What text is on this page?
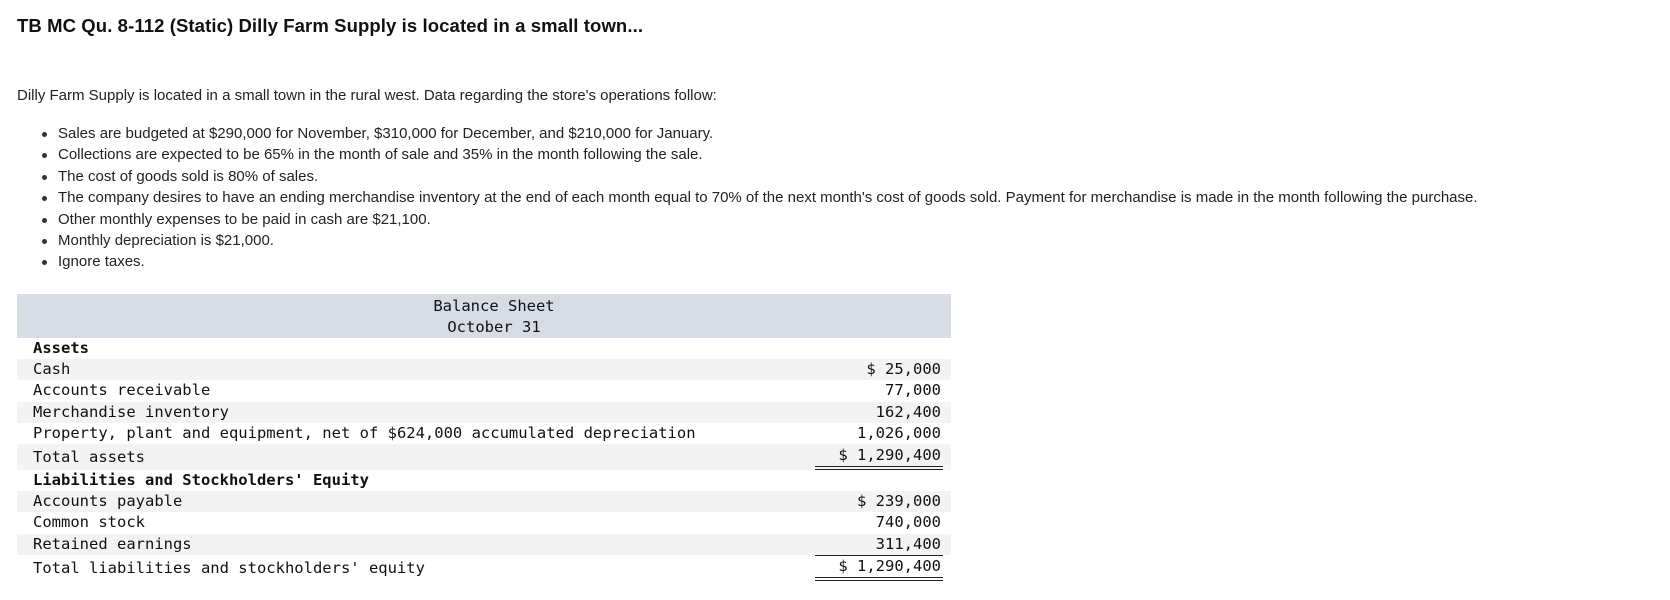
TB MC Qu. 8-112 (Static) Dilly Farm Supply is located in a small town...
Dilly Farm Supply is located in a small town in the rural west. Data regarding the store's operations follow:
Sales are budgeted at $290,000 for November, $310,000 for December, and $210,000 for January.
Collections are expected to be 65% in the month of sale and 35% in the month following the sale.
The cost of goods sold is 80% of sales.
The company desires to have an ending merchandise inventory at the end of each month equal to 70% of the next month's cost of goods sold. Payment for merchandise is made in the month following the purchase.
Other monthly expenses to be paid in cash are $21,100.
Monthly depreciation is $21,000.
Ignore taxes.
Balance Sheet
October 31
Assets
Cash	$ 25,000
Accounts receivable	77,000
Merchandise inventory	162,400
Property, plant and equipment, net of $624,000 accumulated depreciation	1,026,000
Total assets	$ 1,290,400
Liabilities and Stockholders' Equity
Accounts payable	$ 239,000
Common stock	740,000
Retained earnings	311,400
Total liabilities and stockholders' equity	$ 1,290,400
